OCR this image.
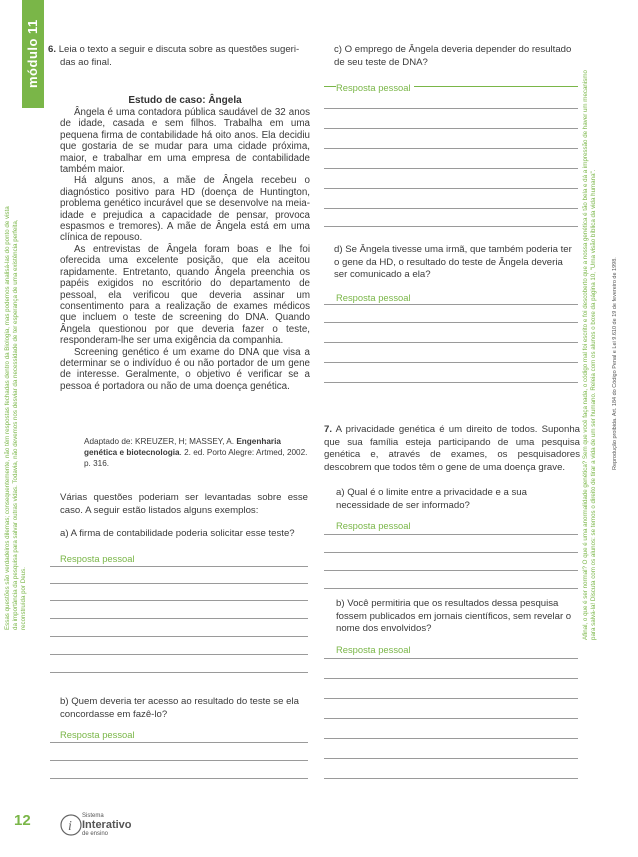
módulo 11
Essas questões são verdadeiros dilemas; consequentemente, não têm respostas fechadas dentro da Biologia, mas podemos analisá-las do ponto de vista da importância da pesquisa para salvar outras vidas. Todavia, não devemos nos desviar da necessidade de ter esperança de uma existência perfeita, reconstruída por Deus.
12
Afinal, o que é ser normal? O que é uma anormalidade genética? Sem que você faça nada, o código mal foi escrito e foi descoberto que a nossa genética é tão bela e dá a impressão de haver um mecanismo para salvá-la! Discuta com os alunos: se temos o direito de tirar a vida de um ser humano. Releia com os alunos o boxe da página 10, "Uma visão bíblica da vida humana".	Reprodução proibida. Art. 184 do Código Penal e Lei 9.610 de 19 de fevereiro de 1998.
6. Leia o texto a seguir e discuta sobre as questões sugeri-
das ao final.
Estudo de caso: Ângela

Ângela é uma contadora pública saudável de 32 anos de idade, casada e sem filhos. Trabalha em uma pequena firma de contabilidade há oito anos. Ela decidiu que gostaria de se mudar para uma cidade próxima, maior, e trabalhar em uma empresa de contabilidade também maior.

Há alguns anos, a mãe de Ângela recebeu o diagnóstico positivo para HD (doença de Huntington, problema genético incurável que se desenvolve na meia-idade e prejudica a capacidade de pensar, provoca espasmos e tremores). A mãe de Ângela está em uma clínica de repouso.

As entrevistas de Ângela foram boas e lhe foi oferecida uma excelente posição, que ela aceitou rapidamente. Entretanto, quando Ângela preenchia os papéis exigidos no escritório do departamento de pessoal, ela verificou que deveria assinar um consentimento para a realização de exames médicos que incluem o teste de screening do DNA. Quando Ângela questionou por que deveria fazer o teste, responderam-lhe ser uma exigência da companhia.

Screening genético é um exame do DNA que visa a determinar se o indivíduo é ou não portador de um gene de interesse. Geralmente, o objetivo é verificar se a pessoa é portadora ou não de uma doença genética.

Adaptado de: KREUZER, H; MASSEY, A. Engenharia genética e biotecnologia. 2. ed. Porto Alegre: Artmed, 2002. p. 316.
Várias questões poderiam ser levantadas sobre esse caso. A seguir estão listados alguns exemplos:
a) A firma de contabilidade poderia solicitar esse teste?
Resposta pessoal
b) Quem deveria ter acesso ao resultado do teste se ela concordasse em fazê-lo?
Resposta pessoal
i
Sistema
Interativo
de ensino
c) O emprego de Ângela deveria depender do resultado de seu teste de DNA?
Resposta pessoal
d) Se Ângela tivesse uma irmã, que também poderia ter o gene da HD, o resultado do teste de Ângela deveria ser comunicado a ela?
Resposta pessoal
7. A privacidade genética é um direito de todos. Suponha que sua família esteja participando de uma pesquisa genética e, através de exames, os pesquisadores descobrem que todos têm o gene de uma doença grave.
a) Qual é o limite entre a privacidade e a sua necessidade de ser informado?
Resposta pessoal
b) Você permitiria que os resultados dessa pesquisa fossem publicados em jornais científicos, sem revelar o nome dos envolvidos?
Resposta pessoal
